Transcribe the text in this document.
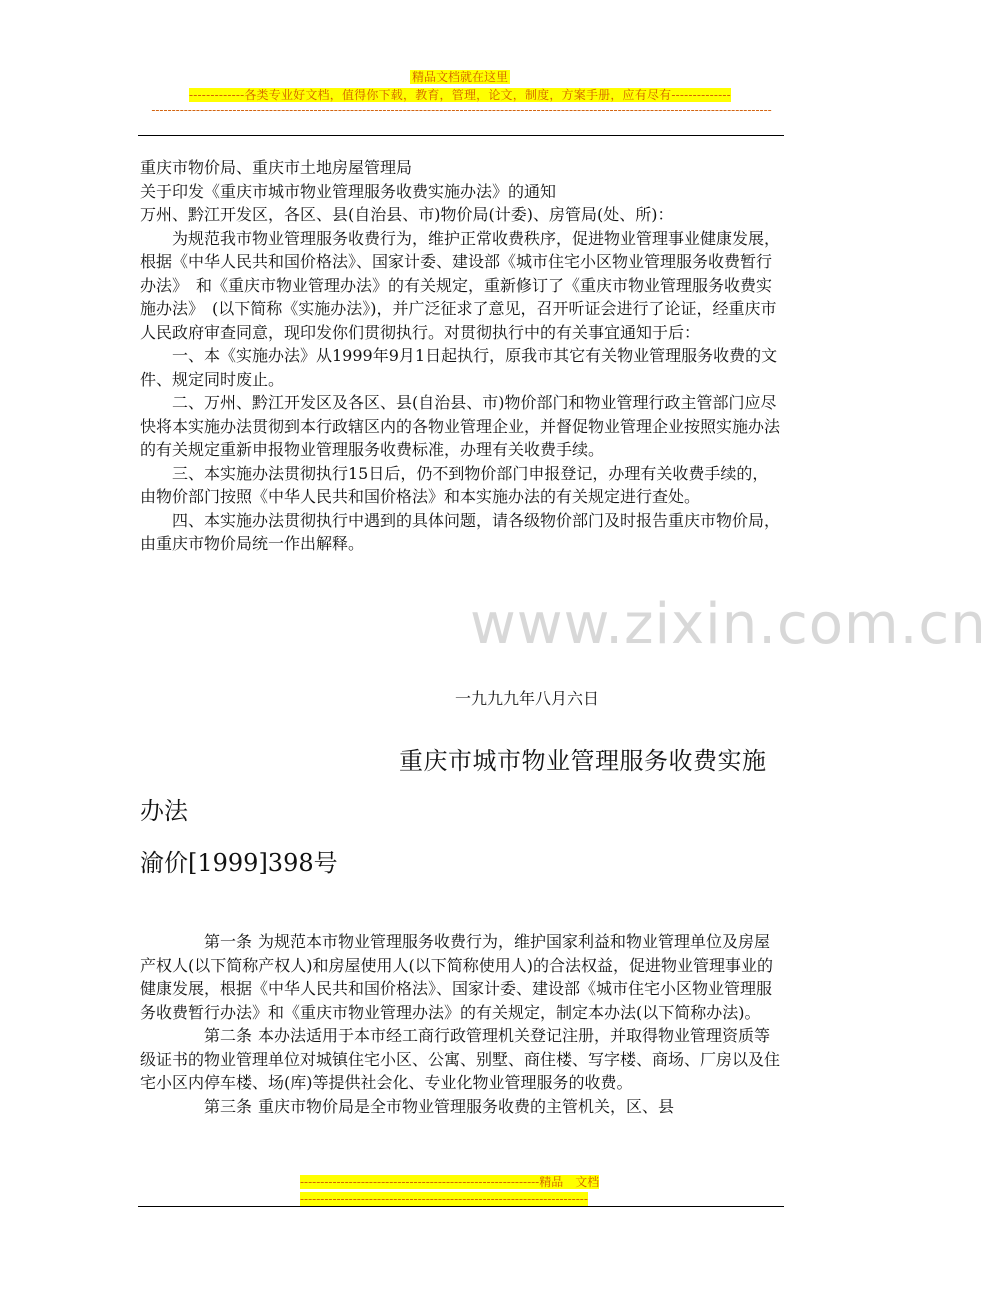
www.zixin.com.cn
精品文档就在这里
-------------各类专业好文档，值得你下载，教育，管理，论文，制度，方案手册，应有尽有--------------
---------------------------------------------------------------------------------------------------------------------------------------------------------

重庆市物价局、重庆市土地房屋管理局

关于印发《重庆市城市物业管理服务收费实施办法》的通知

万州、黔江开发区，各区、县(自治县、市)物价局(计委)、房管局(处、所)：

为规范我市物业管理服务收费行为，维护正常收费秩序，促进物业管理事业健康发展，根据《中华人民共和国价格法》、国家计委、建设部《城市住宅小区物业管理服务收费暂行办法》　和《重庆市物业管理办法》的有关规定，重新修订了《重庆市物业管理服务收费实施办法》　(以下简称《实施办法》)，并广泛征求了意见，召开听证会进行了论证，经重庆市人民政府审查同意，现印发你们贯彻执行。对贯彻执行中的有关事宜通知于后：

一、本《实施办法》从1999年9月1日起执行，原我市其它有关物业管理服务收费的文件、规定同时废止。

二、万州、黔江开发区及各区、县(自治县、市)物价部门和物业管理行政主管部门应尽快将本实施办法贯彻到本行政辖区内的各物业管理企业，并督促物业管理企业按照实施办法的有关规定重新申报物业管理服务收费标准，办理有关收费手续。

三、本实施办法贯彻执行15日后，仍不到物价部门申报登记，办理有关收费手续的，由物价部门按照《中华人民共和国价格法》和本实施办法的有关规定进行查处。

四、本实施办法贯彻执行中遇到的具体问题，请各级物价部门及时报告重庆市物价局，由重庆市物价局统一作出解释。

一九九九年八月六日
重庆市城市物业管理服务收费实施
办法
渝价[1999]398号

第一条 为规范本市物业管理服务收费行为，维护国家利益和物业管理单位及房屋产权人(以下简称产权人)和房屋使用人(以下简称使用人)的合法权益，促进物业管理事业的健康发展，根据《中华人民共和国价格法》、国家计委、建设部《城市住宅小区物业管理服务收费暂行办法》和《重庆市物业管理办法》的有关规定，制定本办法(以下简称办法)。

第二条 本办法适用于本市经工商行政管理机关登记注册，并取得物业管理资质等级证书的物业管理单位对城镇住宅小区、公寓、别墅、商住楼、写字楼、商场、厂房以及住宅小区内停车楼、场(库)等提供社会化、专业化物业管理服务的收费。

第三条 重庆市物价局是全市物业管理服务收费的主管机关，区、县

-----------------------------------------------------------精品　文档
-----------------------------------------------------------------------
